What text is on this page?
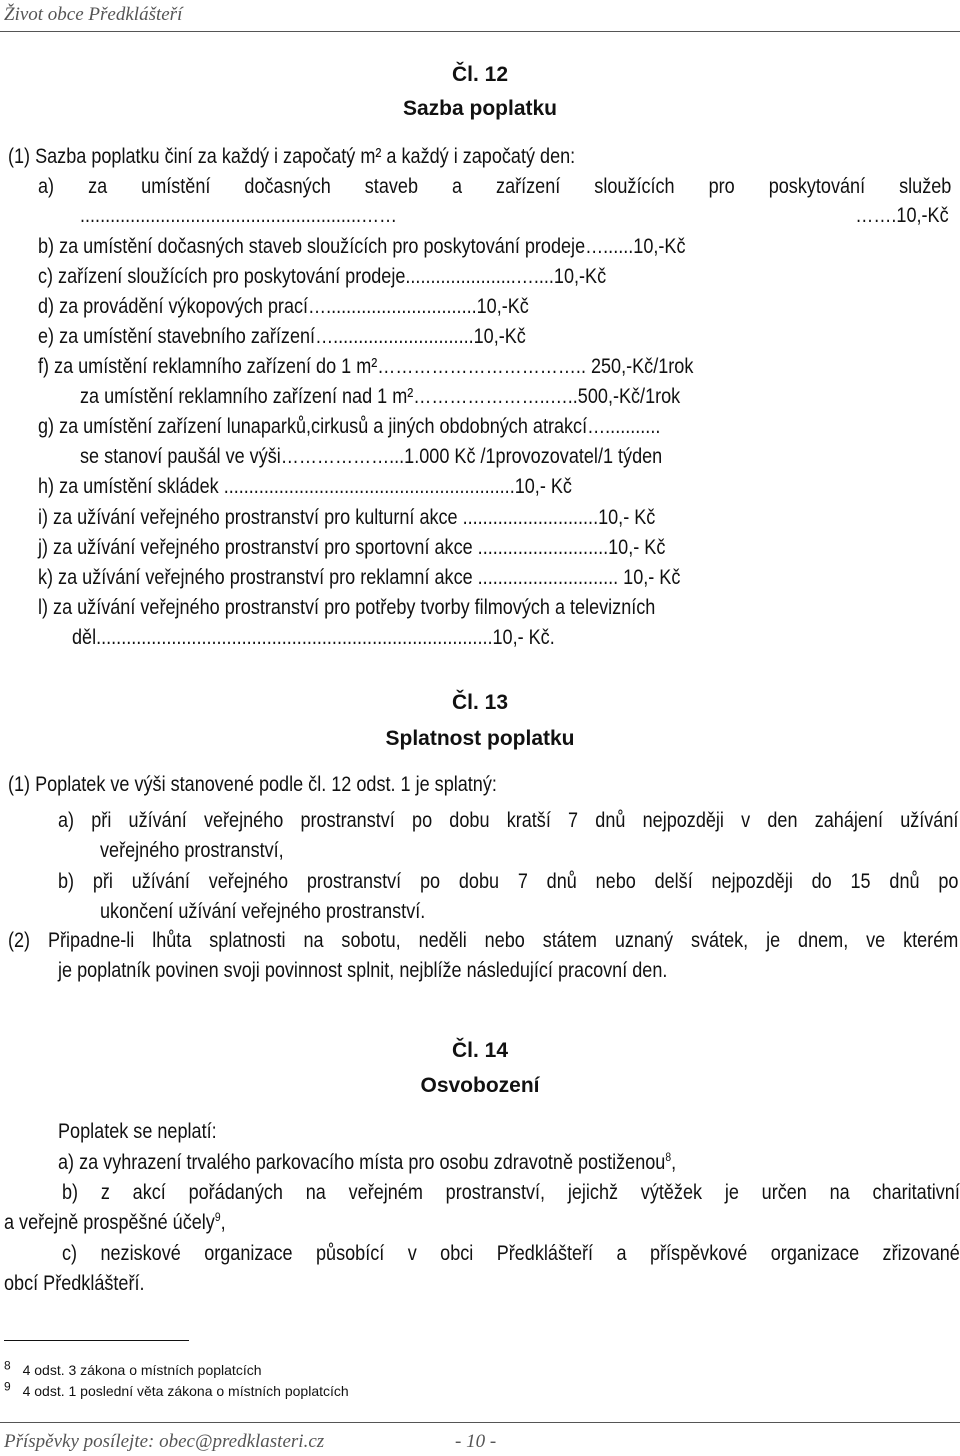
Život obce Předklášteří
Čl. 12
Sazba poplatku
(1) Sazba poplatku činí za každý i započatý m² a každý i započatý den:
a) za umístění dočasných staveb a zařízení sloužících pro poskytování služeb
........................................................…… …….10,-Kč
b) za umístění dočasných staveb sloužících pro poskytování prodeje…......10,-Kč
c) zařízení sloužících pro poskytování prodeje......................…....10,-Kč
d) za provádění výkopových prací…..............................10,-Kč
e) za umístění stavebního zařízení…............................10,-Kč
f) za umístění reklamního zařízení do 1 m²…………………………….. 250,-Kč/1rok
za umístění reklamního zařízení nad 1 m²…………………..…..500,-Kč/1rok
g) za umístění zařízení lunaparků,cirkusů a jiných obdobných atrakcí…...........
se stanoví paušál ve výši………………...1.000 Kč /1provozovatel/1 týden
h) za umístění skládek ..........................................................10,- Kč
i) za užívání veřejného prostranství pro kulturní akce ...........................10,- Kč
j) za užívání veřejného prostranství pro sportovní akce ..........................10,- Kč
k) za užívání veřejného prostranství pro reklamní akce ............................ 10,- Kč
l) za užívání veřejného prostranství pro potřeby tvorby filmových a televizních
děl...............................................................................10,- Kč.
Čl. 13
Splatnost poplatku
(1) Poplatek ve výši stanovené podle čl. 12 odst. 1 je splatný:
a) při užívání veřejného prostranství po dobu kratší 7 dnů nejpozději v den zahájení užívání
veřejného prostranství,
b) při užívání veřejného prostranství po dobu 7 dnů nebo delší nejpozději do 15 dnů po
ukončení užívání veřejného prostranství.
(2) Připadne-li lhůta splatnosti na sobotu, neděli nebo státem uznaný svátek, je dnem, ve kterém
je poplatník povinen svoji povinnost splnit, nejblíže následující pracovní den.
Čl. 14
Osvobození
Poplatek se neplatí:
a) za vyhrazení trvalého parkovacího místa pro osobu zdravotně postiženou$^8$,
b) z akcí pořádaných na veřejném prostranství, jejichž výtěžek je určen na charitativní
a veřejně prospěšné účely$^9$,
c) neziskové organizace působící v obci Předklášteří a příspěvkové organizace zřizované
obcí Předklášteří.
$^8$ 4 odst. 3 zákona o místních poplatcích
$^9$ 4 odst. 1 poslední věta zákona o místních poplatcích
Příspěvky posílejte: obec@predklasteri.cz	- 10 -
